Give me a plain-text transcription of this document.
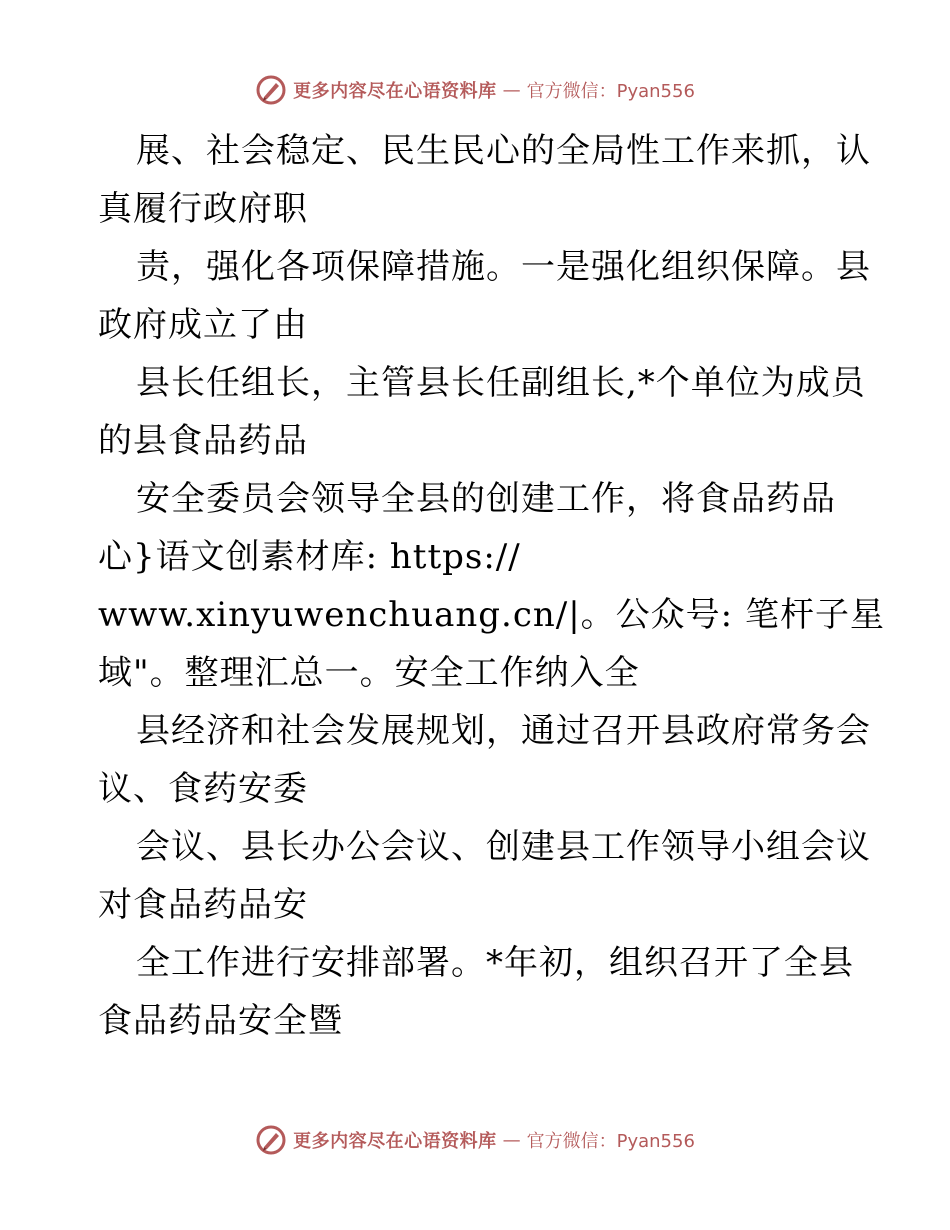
更多内容尽在心语资料库 — 官方微信：Pyan556
展、社会稳定、民生民心的全局性工作来抓，认
真履行政府职
责，强化各项保障措施。一是强化组织保障。县
政府成立了由
县长任组长，主管县长任副组长,*个单位为成员
的县食品药品
安全委员会领导全县的创建工作，将食品药品
心}语文创素材库: https://
www.xinyuwenchuang.cn/|。公众号: 笔杆子星
域"。整理汇总一。安全工作纳入全
县经济和社会发展规划，通过召开县政府常务会
议、食药安委
会议、县长办公会议、创建县工作领导小组会议
对食品药品安
全工作进行安排部署。*年初，组织召开了全县
食品药品安全暨
更多内容尽在心语资料库 — 官方微信：Pyan556
